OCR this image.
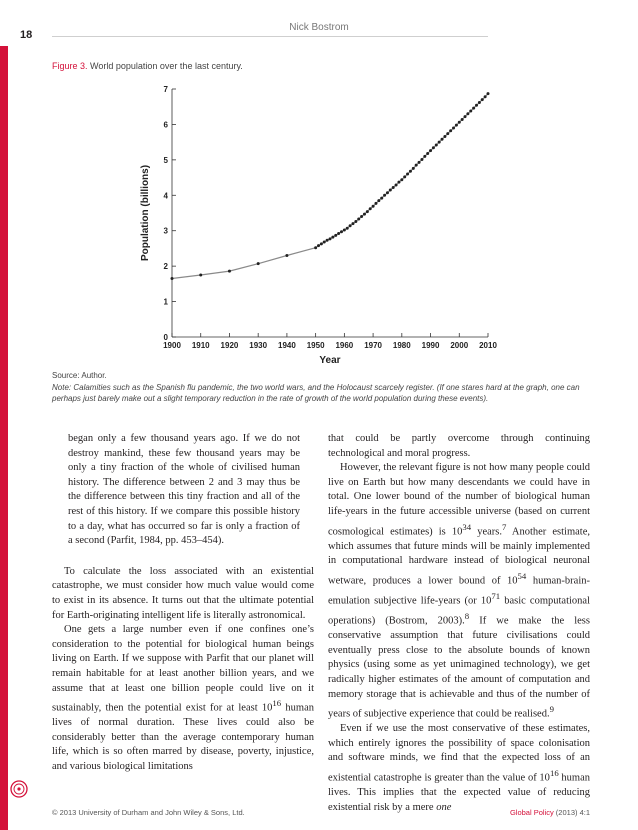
18
Nick Bostrom
Figure 3. World population over the last century.
0
1
2
3
4
5
6
7
1900 1910 1920 1930 1940 1950 1960 1970 1980 1990 2000 2010
Year
Population (billions)
Source: Author.
Note: Calamities such as the Spanish flu pandemic, the two world wars, and the Holocaust scarcely register. (If one stares hard at the graph, one can perhaps just barely make out a slight temporary reduction in the rate of growth of the world population during these events).

began only a few thousand years ago. If we do not destroy mankind, these few thousand years may be only a tiny fraction of the whole of civilised human history. The difference between 2 and 3 may thus be the difference between this tiny fraction and all of the rest of this history. If we compare this possible history to a day, what has occurred so far is only a fraction of a second (Parfit, 1984, pp. 453–454).

To calculate the loss associated with an existential catastrophe, we must consider how much value would come to exist in its absence. It turns out that the ultimate potential for Earth-originating intelligent life is literally astronomical.

One gets a large number even if one confines one’s consideration to the potential for biological human beings living on Earth. If we suppose with Parfit that our planet will remain habitable for at least another billion years, and we assume that at least one billion people could live on it sustainably, then the potential exist for at least $10^{16}$ human lives of normal duration. These lives could also be considerably better than the average contemporary human life, which is so often marred by disease, poverty, injustice, and various biological limitations

that could be partly overcome through continuing technological and moral progress.

However, the relevant figure is not how many people could live on Earth but how many descendants we could have in total. One lower bound of the number of biological human life-years in the future accessible universe (based on current cosmological estimates) is $10^{34}$ years.$^7$ Another estimate, which assumes that future minds will be mainly implemented in computational hardware instead of biological neuronal wetware, produces a lower bound of $10^{54}$ human-brain-emulation subjective life-years (or $10^{71}$ basic computational operations) (Bostrom, 2003).$^8$ If we make the less conservative assumption that future civilisations could eventually press close to the absolute bounds of known physics (using some as yet unimagined technology), we get radically higher estimates of the amount of computation and memory storage that is achievable and thus of the number of years of subjective experience that could be realised.$^9$

Even if we use the most conservative of these estimates, which entirely ignores the possibility of space colonisation and software minds, we find that the expected loss of an existential catastrophe is greater than the value of $10^{16}$ human lives. This implies that the expected value of reducing existential risk by a mere one

© 2013 University of Durham and John Wiley & Sons, Ltd.	Global Policy (2013) 4:1
